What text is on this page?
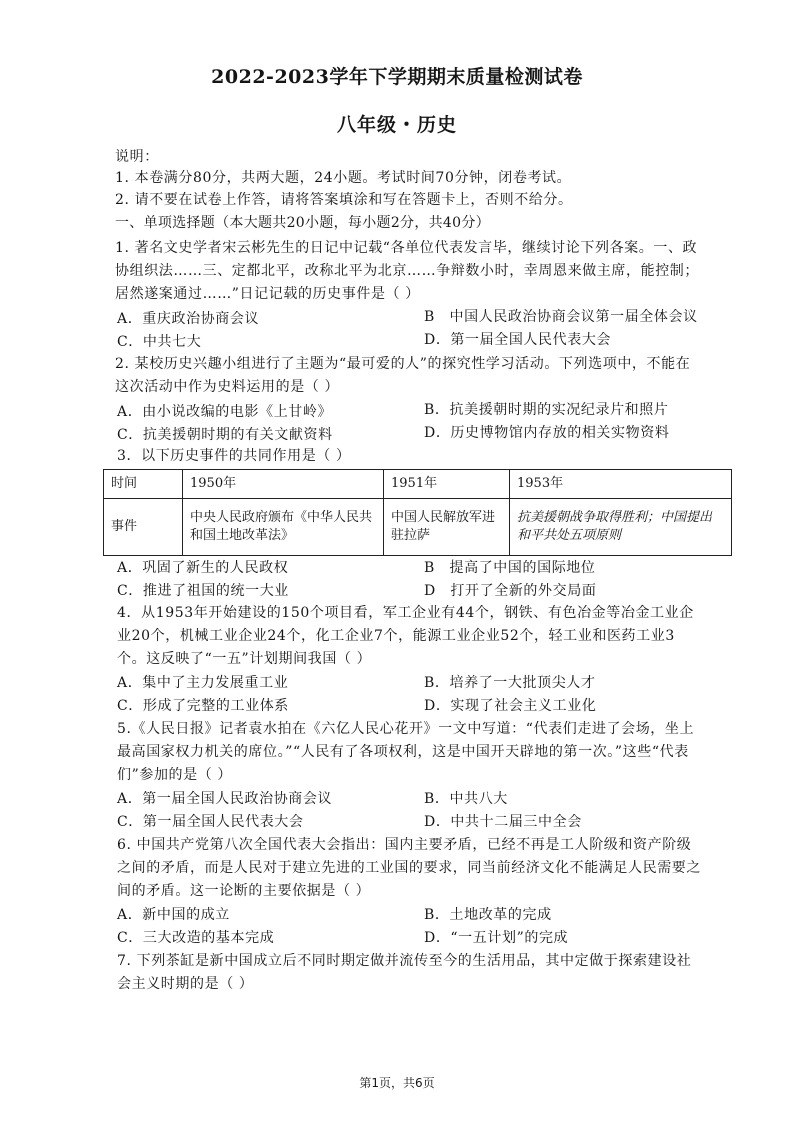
2022-2023学年下学期期末质量检测试卷
八年级・历史
说明：
1. 本卷满分80分，共两大题，24小题。考试时间70分钟，闭卷考试。
2. 请不要在试卷上作答，请将答案填涂和写在答题卡上，否则不给分。
一、单项选择题（本大题共20小题，每小题2分，共40分）
1. 著名文史学者宋云彬先生的日记中记载“各单位代表发言毕，继续讨论下列各案。一、政
协组织法……三、定都北平，改称北平为北京……争辩数小时，幸周恩来做主席，能控制；
居然遂案通过……”日记记载的历史事件是（ ）
A．重庆政治协商会议	B　中国人民政治协商会议第一届全体会议
C．中共七大	D．第一届全国人民代表大会
2. 某校历史兴趣小组进行了主题为“最可爱的人”的探究性学习活动。下列选项中，不能在
这次活动中作为史料运用的是（ ）
A．由小说改编的电影《上甘岭》	B．抗美援朝时期的实况纪录片和照片
C．抗美援朝时期的有关文献资料	D．历史博物馆内存放的相关实物资料
3．以下历史事件的共同作用是（ ）
时间	1950年	1951年	1953年
事件	中央人民政府颁布《中华人民共和国土地改革法》	中国人民解放军进驻拉萨	抗美援朝战争取得胜利；中国提出和平共处五项原则
A．巩固了新生的人民政权	B　提高了中国的国际地位
C．推进了祖国的统一大业	D　打开了全新的外交局面
4．从1953年开始建设的150个项目看，军工企业有44个，钢铁、有色冶金等冶金工业企
业20个，机械工业企业24个，化工企业7个，能源工业企业52个，轻工业和医药工业3
个。这反映了“一五”计划期间我国（ ）
A．集中了主力发展重工业	B．培养了一大批顶尖人才
C．形成了完整的工业体系	D．实现了社会主义工业化
5.《人民日报》记者袁水拍在《六亿人民心花开》一文中写道：“代表们走进了会场，坐上
最高国家权力机关的席位。”“人民有了各项权利，这是中国开天辟地的第一次。”这些“代表
们”参加的是（ ）
A．第一届全国人民政治协商会议	B．中共八大
C．第一届全国人民代表大会	D．中共十二届三中全会
6. 中国共产党第八次全国代表大会指出：国内主要矛盾，已经不再是工人阶级和资产阶级
之间的矛盾，而是人民对于建立先进的工业国的要求，同当前经济文化不能满足人民需要之
间的矛盾。这一论断的主要依据是（ ）
A．新中国的成立	B．土地改革的完成
C．三大改造的基本完成	D．“一五计划”的完成
7. 下列茶缸是新中国成立后不同时期定做并流传至今的生活用品，其中定做于探索建设社
会主义时期的是（ ）
第1页，共6页
